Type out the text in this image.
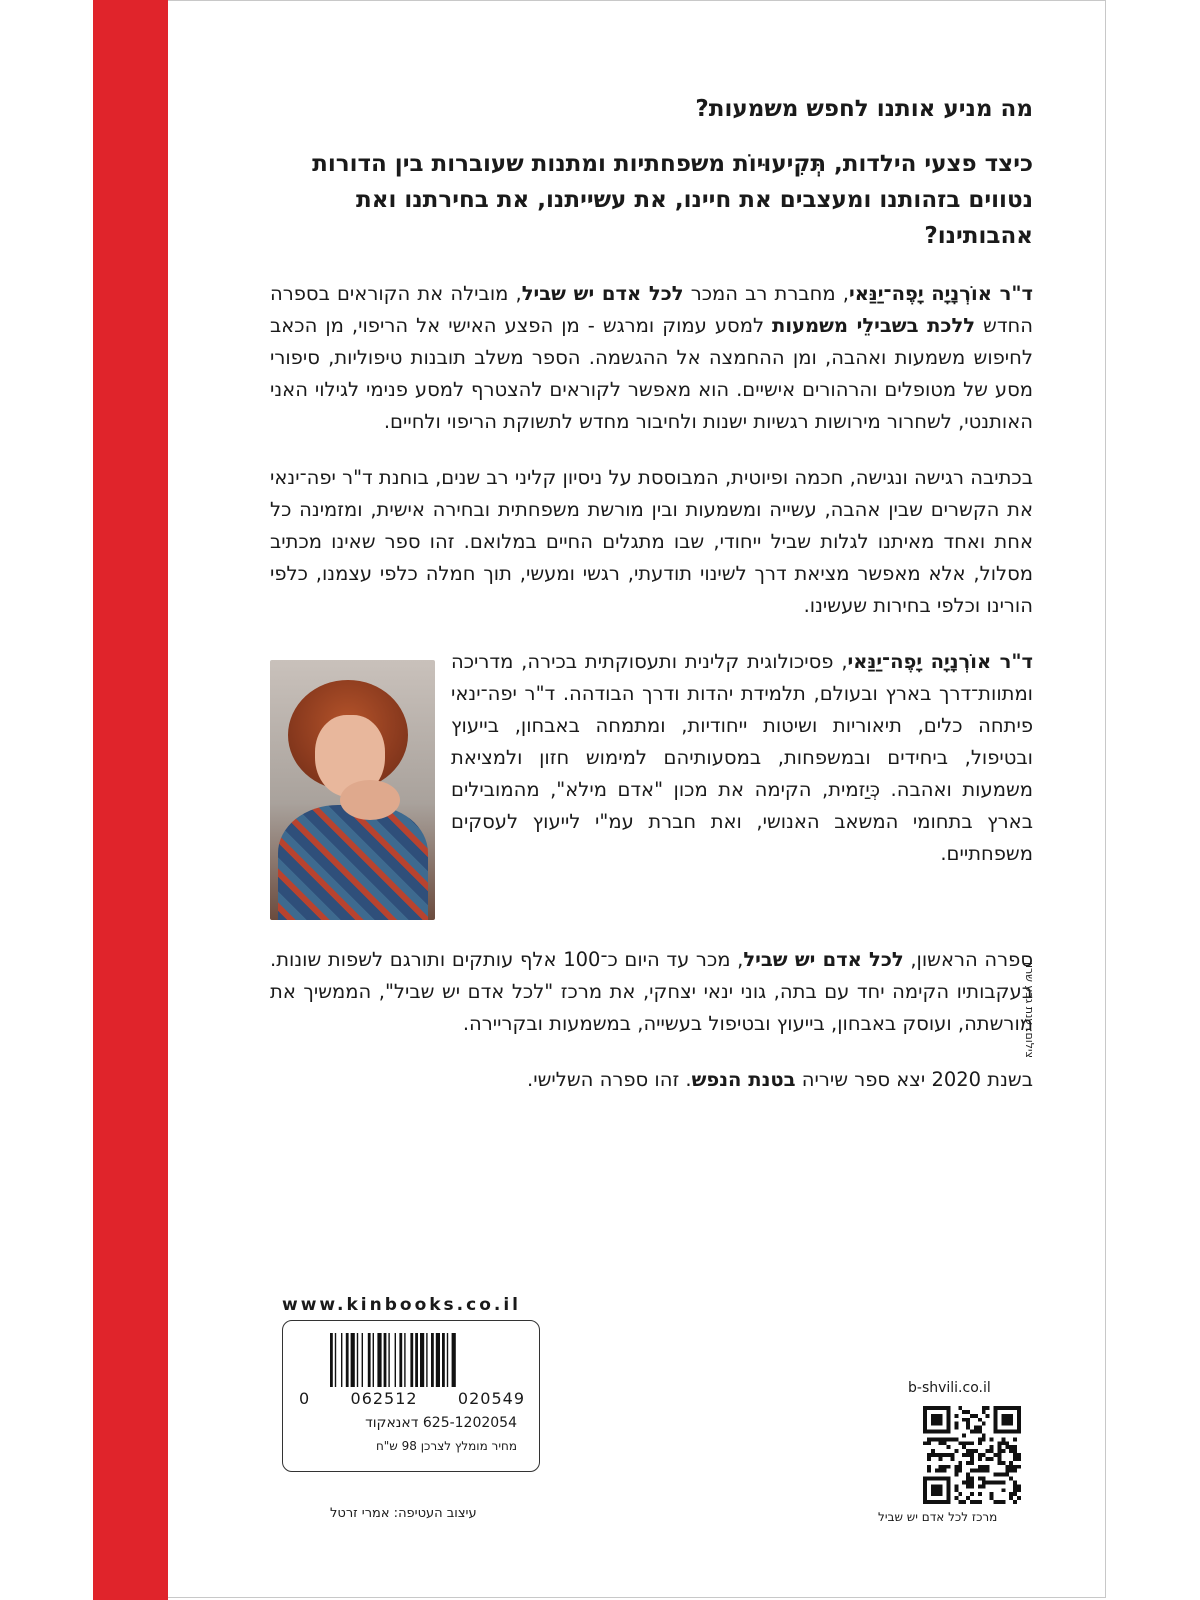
מה מניע אותנו לחפש משמעות?

כיצד פצעי הילדות, תְּקִיעוּיוֹת משפחתיות ומתנות שעוברות בין הדורות נטווים בזהותנו ומעצבים את חיינו, את עשייתנו, את בחירתנו ואת אהבותינו?

ד"ר אוֹרְנָיָה יָפֶה־יַנַּאי, מחברת רב המכר לכל אדם יש שביל, מובילה את הקוראים בספרה החדש ללכת בשבילֵי משמעות למסע עמוק ומרגש - מן הפצע האישי אל הריפוי, מן הכאב לחיפוש משמעות ואהבה, ומן ההחמצה אל ההגשמה. הספר משלב תובנות טיפוליות, סיפורי מסע של מטופלים והרהורים אישיים. הוא מאפשר לקוראים להצטרף למסע פנימי לגילוי האני האותנטי, לשחרור מירושות רגשיות ישנות ולחיבור מחדש לתשוקת הריפוי ולחיים.

בכתיבה רגישה ונגישה, חכמה ופיוטית, המבוססת על ניסיון קליני רב שנים, בוחנת ד"ר יפה־ינאי את הקשרים שבין אהבה, עשייה ומשמעות ובין מורשת משפחתית ובחירה אישית, ומזמינה כל אחת ואחד מאיתנו לגלות שביל ייחודי, שבו מתגלים החיים במלואם. זהו ספר שאינו מכתיב מסלול, אלא מאפשר מציאת דרך לשינוי תודעתי, רגשי ומעשי, תוך חמלה כלפי עצמנו, כלפי הורינו וכלפי בחירות שעשינו.

ד"ר אוֹרְנָיָה יָפֶה־יַנַּאי, פסיכולוגית קלינית ותעסוקתית בכירה, מדריכה ומתוות־דרך בארץ ובעולם, תלמידת יהדות ודרך הבודהה. ד"ר יפה־ינאי פיתחה כלים, תיאוריות ושיטות ייחודיות, ומתמחה באבחון, בייעוץ ובטיפול, ביחידים ובמשפחות, במסעותיהם למימוש חזון ולמציאת משמעות ואהבה. כְּיַזמית, הקימה את מכון "אדם מילא", מהמובילים בארץ בתחומי המשאב האנושי, ואת חברת עמ"י לייעוץ לעסקים משפחתיים.

ספרה הראשון, לכל אדם יש שביל, מכר עד היום כ־100 אלף עותקים ותורגם לשפות שונות. בעקבותיו הקימה יחד עם בתה, גוני ינאי יצחקי, את מרכז "לכל אדם יש שביל", הממשיך את מורשתה, ועוסק באבחון, בייעוץ ובטיפול בעשייה, במשמעות ובקריירה.

בשנת 2020 יצא ספר שיריה בטנת הנפש. זהו ספרה השלישי.

צילום: ענת גבע שרון
www.kinbooks.co.il
0	062512	020549
625-1202054 דאנאקוד
מחיר מומלץ לצרכן 98 ש"ח
עיצוב העטיפה: אמרי זרטל
b-shvili.co.il
מרכז לכל אדם יש שביל
